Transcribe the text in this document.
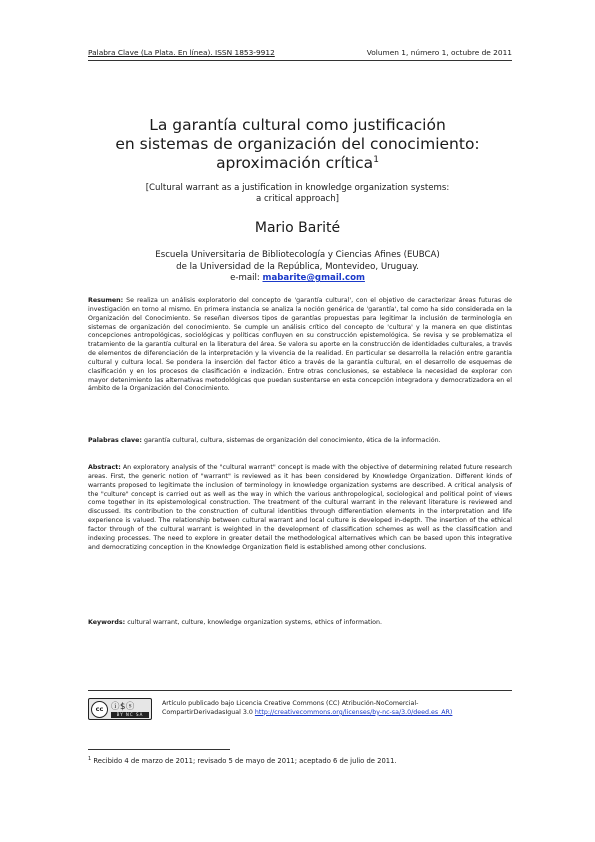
Palabra Clave (La Plata. En línea). ISSN 1853-9912	Volumen 1, número 1, octubre de 2011
La garantía cultural como justificación
en sistemas de organización del conocimiento:
aproximación crítica$^1$
[Cultural warrant as a justification in knowledge organization systems:
a critical approach]
Mario Barité
Escuela Universitaria de Bibliotecología y Ciencias Afines (EUBCA)
de la Universidad de la República, Montevideo, Uruguay.
e-mail: mabarite@gmail.com
Resumen: Se realiza un análisis exploratorio del concepto de 'garantía cultural', con el objetivo de caracterizar áreas futuras de investigación en torno al mismo. En primera instancia se analiza la noción genérica de 'garantía', tal como ha sido considerada en la Organización del Conocimiento. Se reseñan diversos tipos de garantías propuestas para legitimar la inclusión de terminología en sistemas de organización del conocimiento. Se cumple un análisis crítico del concepto de 'cultura' y la manera en que distintas concepciones antropológicas, sociológicas y políticas confluyen en su construcción epistemológica. Se revisa y se problematiza el tratamiento de la garantía cultural en la literatura del área. Se valora su aporte en la construcción de identidades culturales, a través de elementos de diferenciación de la interpretación y la vivencia de la realidad. En particular se desarrolla la relación entre garantía cultural y cultura local. Se pondera la inserción del factor ético a través de la garantía cultural, en el desarrollo de esquemas de clasificación y en los procesos de clasificación e indización. Entre otras conclusiones, se establece la necesidad de explorar con mayor detenimiento las alternativas metodológicas que puedan sustentarse en esta concepción integradora y democratizadora en el ámbito de la Organización del Conocimiento.
Palabras clave: garantía cultural, cultura, sistemas de organización del conocimiento, ética de la información.
Abstract: An exploratory analysis of the "cultural warrant" concept is made with the objective of determining related future research areas. First, the generic notion of "warrant" is reviewed as it has been considered by Knowledge Organization. Different kinds of warrants proposed to legitimate the inclusion of terminology in knowledge organization systems are described. A critical analysis of the "culture" concept is carried out as well as the way in which the various anthropological, sociological and political point of views come together in its epistemological construction. The treatment of the cultural warrant in the relevant literature is reviewed and discussed. Its contribution to the construction of cultural identities through differentiation elements in the interpretation and life experience is valued. The relationship between cultural warrant and local culture is developed in-depth. The insertion of the ethical factor through of the cultural warrant is weighted in the development of classification schemes as well as the classification and indexing processes. The need to explore in greater detail the methodological alternatives which can be based upon this integrative and democratizing conception in the Knowledge Organization field is established among other conclusions.
Keywords: cultural warrant, culture, knowledge organization systems, ethics of information.
cc ⓘ$ⓢ
BY NC SA
Artículo publicado bajo Licencia Creative Commons (CC) Atribución-NoComercial-
CompartirDerivadasIgual 3.0 http://creativecommons.org/licenses/by-nc-sa/3.0/deed.es_AR)
$^1$ Recibido 4 de marzo de 2011; revisado 5 de mayo de 2011; aceptado 6 de julio de 2011.
